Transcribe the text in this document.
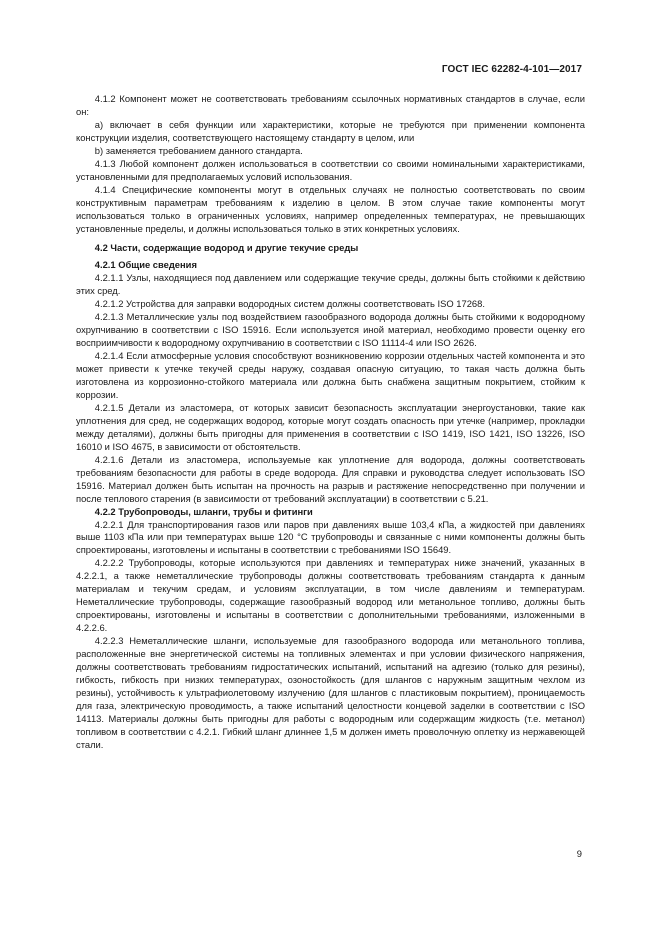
ГОСТ IEC 62282-4-101—2017

  4.1.2 Компонент может не соответствовать требованиям ссылочных нормативных стандартов в случае, если он:

  а) включает в себя функции или характеристики, которые не требуются при применении компонента конструкции изделия, соответствующего настоящему стандарту в целом, или

  b) заменяется требованием данного стандарта.

  4.1.3 Любой компонент должен использоваться в соответствии со своими номинальными характеристиками, установленными для предполагаемых условий использования.

  4.1.4 Специфические компоненты могут в отдельных случаях не полностью соответствовать по своим конструктивным параметрам требованиям к изделию в целом. В этом случае такие компоненты могут использоваться только в ограниченных условиях, например определенных температурах, не превышающих установленные пределы, и должны использоваться только в этих конкретных условиях.

  4.2 Части, содержащие водород и другие текучие среды

  4.2.1 Общие сведения

  4.2.1.1 Узлы, находящиеся под давлением или содержащие текучие среды, должны быть стойкими к действию этих сред.

  4.2.1.2 Устройства для заправки водородных систем должны соответствовать ISO 17268.

  4.2.1.3 Металлические узлы под воздействием газообразного водорода должны быть стойкими к водородному охрупчиванию в соответствии с ISO 15916. Если используется иной материал, необходимо провести оценку его восприимчивости к водородному охрупчиванию в соответствии с ISO 11114-4 или ISO 2626.

  4.2.1.4 Если атмосферные условия способствуют возникновению коррозии отдельных частей компонента и это может привести к утечке текучей среды наружу, создавая опасную ситуацию, то такая часть должна быть изготовлена из коррозионно-стойкого материала или должна быть снабжена защитным покрытием, стойким к коррозии.

  4.2.1.5 Детали из эластомера, от которых зависит безопасность эксплуатации энергоустановки, такие как уплотнения для сред, не содержащих водород, которые могут создать опасность при утечке (например, прокладки между деталями), должны быть пригодны для применения в соответствии с ISO 1419, ISO 1421, ISO 13226, ISO 16010 и ISO 4675, в зависимости от обстоятельств.

  4.2.1.6 Детали из эластомера, используемые как уплотнение для водорода, должны соответствовать требованиям безопасности для работы в среде водорода. Для справки и руководства следует использовать ISO 15916. Материал должен быть испытан на прочность на разрыв и растяжение непосредственно при получении и после теплового старения (в зависимости от требований эксплуатации) в соответствии с 5.21.

  4.2.2 Трубопроводы, шланги, трубы и фитинги

  4.2.2.1 Для транспортирования газов или паров при давлениях выше 103,4 кПа, а жидкостей при давлениях выше 1103 кПа или при температурах выше 120 °С трубопроводы и связанные с ними компоненты должны быть спроектированы, изготовлены и испытаны в соответствии с требованиями ISO 15649.

  4.2.2.2 Трубопроводы, которые используются при давлениях и температурах ниже значений, указанных в 4.2.2.1, а также неметаллические трубопроводы должны соответствовать требованиям стандарта к данным материалам и текучим средам, и условиям эксплуатации, в том числе давлениям и температурам. Неметаллические трубопроводы, содержащие газообразный водород или метанольное топливо, должны быть спроектированы, изготовлены и испытаны в соответствии с дополнительными требованиями, изложенными в 4.2.2.6.

  4.2.2.3 Неметаллические шланги, используемые для газообразного водорода или метанольного топлива, расположенные вне энергетической системы на топливных элементах и при условии физического напряжения, должны соответствовать требованиям гидростатических испытаний, испытаний на адгезию (только для резины), гибкость, гибкость при низких температурах, озоностойкость (для шлангов с наружным защитным чехлом из резины), устойчивость к ультрафиолетовому излучению (для шлангов с пластиковым покрытием), проницаемость для газа, электрическую проводимость, а также испытаний целостности концевой заделки в соответствии с ISO 14113. Материалы должны быть пригодны для работы с водородным или содержащим жидкость (т.е. метанол) топливом в соответствии с 4.2.1. Гибкий шланг длиннее 1,5 м должен иметь проволочную оплетку из нержавеющей стали.

9
